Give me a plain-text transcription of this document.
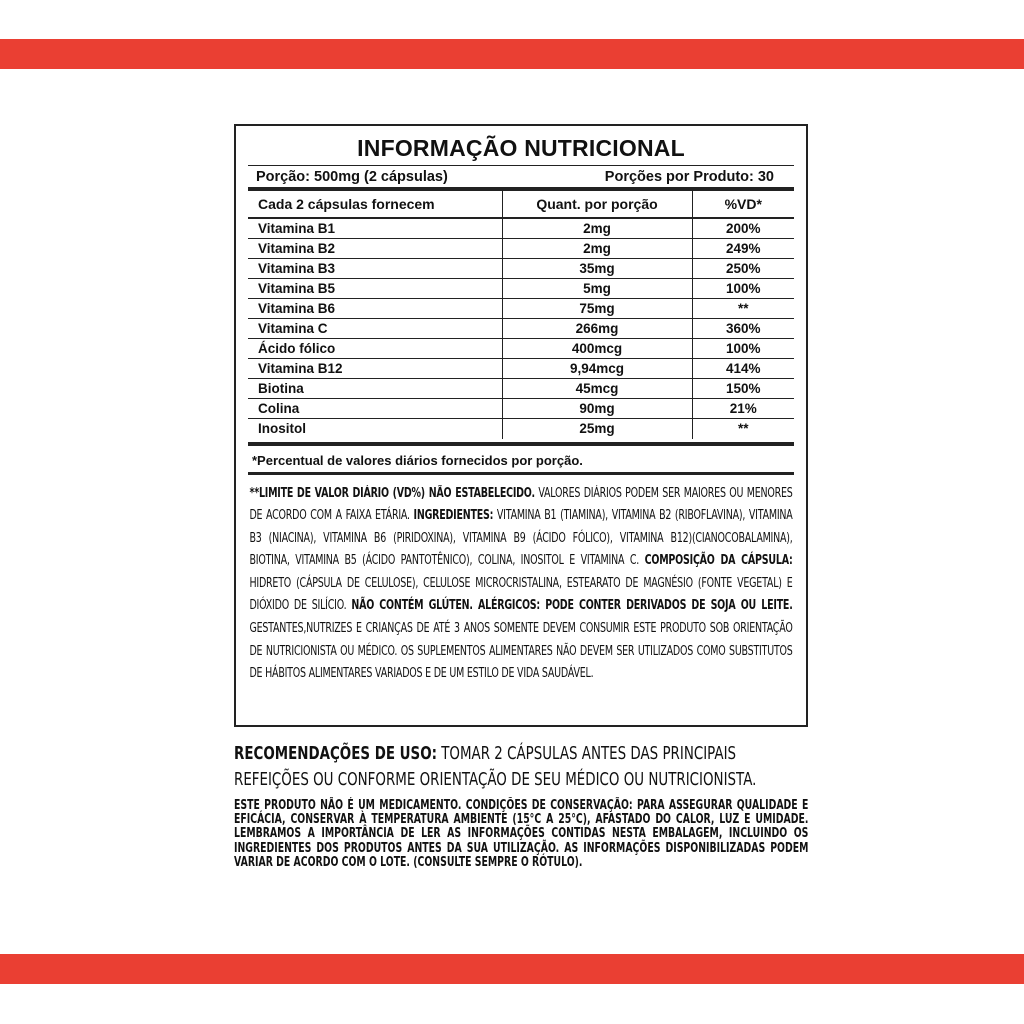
INFORMAÇÃO NUTRICIONAL
Porção: 500mg (2 cápsulas)	Porções por Produto: 30
Cada 2 cápsulas fornecem	Quant. por porção	%VD*
Vitamina B1	2mg	200%
Vitamina B2	2mg	249%
Vitamina B3	35mg	250%
Vitamina B5	5mg	100%
Vitamina B6	75mg	**
Vitamina C	266mg	360%
Ácido fólico	400mcg	100%
Vitamina B12	9,94mcg	414%
Biotina	45mcg	150%
Colina	90mg	21%
Inositol	25mg	**
*Percentual de valores diários fornecidos por porção.
**LIMITE DE VALOR DIÁRIO (VD%) NÃO ESTABELECIDO. VALORES DIÁRIOS PODEM SER MAIORES OU MENORES DE ACORDO COM A FAIXA ETÁRIA. INGREDIENTES: VITAMINA B1 (TIAMINA), VITAMINA B2 (RIBOFLAVINA), VITAMINA B3 (NIACINA), VITAMINA B6 (PIRIDOXINA), VITAMINA B9 (ÁCIDO FÓLICO), VITAMINA B12)(CIANOCOBALAMINA), BIOTINA, VITAMINA B5 (ÁCIDO PANTOTÊNICO), COLINA, INOSITOL E VITAMINA C. COMPOSIÇÃO DA CÁPSULA: HIDRETO (CÁPSULA DE CELULOSE), CELULOSE MICROCRISTALINA, ESTEARATO DE MAGNÉSIO (FONTE VEGETAL) E DIÓXIDO DE SILÍCIO. NÃO CONTÉM GLÚTEN. ALÉRGICOS: PODE CONTER DERIVADOS DE SOJA OU LEITE. GESTANTES,NUTRIZES E CRIANÇAS DE ATÉ 3 ANOS SOMENTE DEVEM CONSUMIR ESTE PRODUTO SOB ORIENTAÇÃO DE NUTRICIONISTA OU MÉDICO. OS SUPLEMENTOS ALIMENTARES NÃO DEVEM SER UTILIZADOS COMO SUBSTITUTOS DE HÁBITOS ALIMENTARES VARIADOS E DE UM ESTILO DE VIDA SAUDÁVEL.
RECOMENDAÇÕES DE USO: TOMAR 2 CÁPSULAS ANTES DAS PRINCIPAIS REFEIÇÕES OU CONFORME ORIENTAÇÃO DE SEU MÉDICO OU NUTRICIONISTA.
ESTE PRODUTO NÃO É UM MEDICAMENTO. CONDIÇÕES DE CONSERVAÇÃO: PARA ASSEGURAR QUALIDADE E EFICÁCIA, CONSERVAR À TEMPERATURA AMBIENTE (15°C A 25°C), AFASTADO DO CALOR, LUZ E UMIDADE. LEMBRAMOS A IMPORTÂNCIA DE LER AS INFORMAÇÕES CONTIDAS NESTA EMBALAGEM, INCLUINDO OS INGREDIENTES DOS PRODUTOS ANTES DA SUA UTILIZAÇÃO. AS INFORMAÇÕES DISPONIBILIZADAS PODEM VARIAR DE ACORDO COM O LOTE. (CONSULTE SEMPRE O RÓTULO).
